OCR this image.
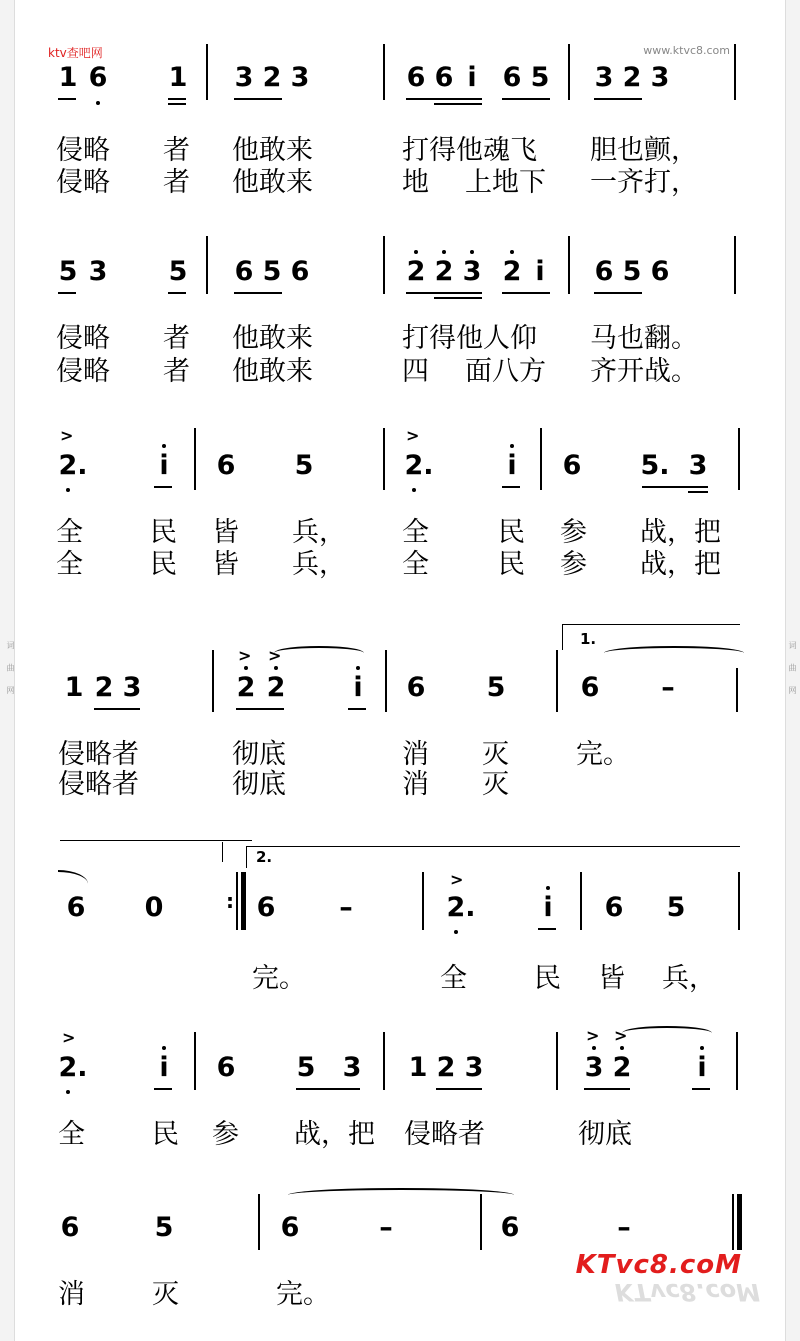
词 曲 网	词 曲 网
ktv查吧网	www.ktvc8.com
1 6 1 3 2 3	6 6 i 6 5 3 2 3
侵略 者 他敢来	打得他魂飞 胆也颤，
侵略 者 他敢来	地 上地下 一齐打，
5 3 5 6 5 6	2 2 3 2 i 6 5 6
侵略 者 他敢来	打得他人仰 马也翻。
侵略 者 他敢来	四 面八方 齐开战。
>
2.	i 6 5
>
2.	i 6 5. 3
全 民 皆 兵， 全	民 参 战，把
全 民 皆 兵， 全	民 参 战，把
1.
1 2 3
> >
2 2	i 6 5	6 –
侵略者	彻底	消 灭 完。
侵略者	彻底	消 灭
2.
6 0	: 6 –
>
2.	i 6 5
完。	全 民 皆 兵，
>
2.	i 6 5 3 1 2 3
> >
3 2 i
全 民 参 战，把 侵略者	彻底
6	5	6	–	6	–
消 灭	完。
KTvc8.coM
KTvc8.coM
